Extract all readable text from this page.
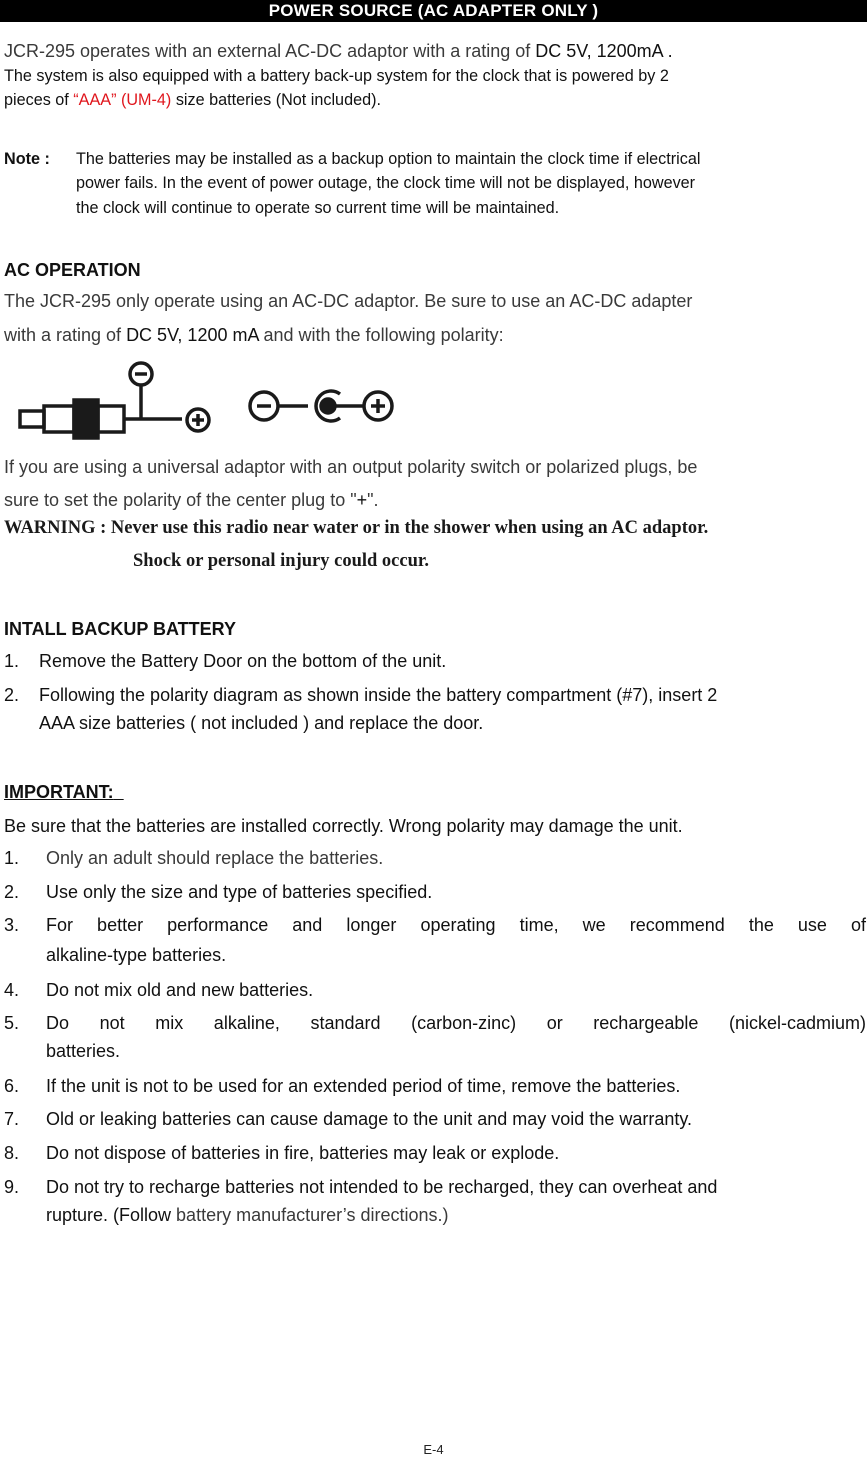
POWER SOURCE (AC ADAPTER ONLY )
JCR-295 operates with an external AC-DC adaptor with a rating of DC 5V, 1200mA .
The system is also equipped with a battery back-up system for the clock that is powered by 2
pieces of “AAA” (UM-4) size batteries (Not included).
Note : The batteries may be installed as a backup option to maintain the clock time if electrical
power fails. In the event of power outage, the clock time will not be displayed, however
the clock will continue to operate so current time will be maintained.
AC OPERATION
The JCR-295 only operate using an AC-DC adaptor. Be sure to use an AC-DC adapter
with a rating of DC 5V, 1200 mA and with the following polarity:
If you are using a universal adaptor with an output polarity switch or polarized plugs, be
sure to set the polarity of the center plug to "+".
WARNING : Never use this radio near water or in the shower when using an AC adaptor.
Shock or personal injury could occur.
INTALL BACKUP BATTERY
1. Remove the Battery Door on the bottom of the unit.
2. Following the polarity diagram as shown inside the battery compartment (#7), insert 2
AAA size batteries ( not included ) and replace the door.
IMPORTANT:
Be sure that the batteries are installed correctly. Wrong polarity may damage the unit.
1. Only an adult should replace the batteries.
2. Use only the size and type of batteries specified.
3. For better performance and longer operating time, we recommend the use of
alkaline-type batteries.
4. Do not mix old and new batteries.
5. Do not mix alkaline, standard (carbon-zinc) or rechargeable (nickel-cadmium)
batteries.
6. If the unit is not to be used for an extended period of time, remove the batteries.
7. Old or leaking batteries can cause damage to the unit and may void the warranty.
8. Do not dispose of batteries in fire, batteries may leak or explode.
9. Do not try to recharge batteries not intended to be recharged, they can overheat and
rupture. (Follow battery manufacturer’s directions.)
E-4
